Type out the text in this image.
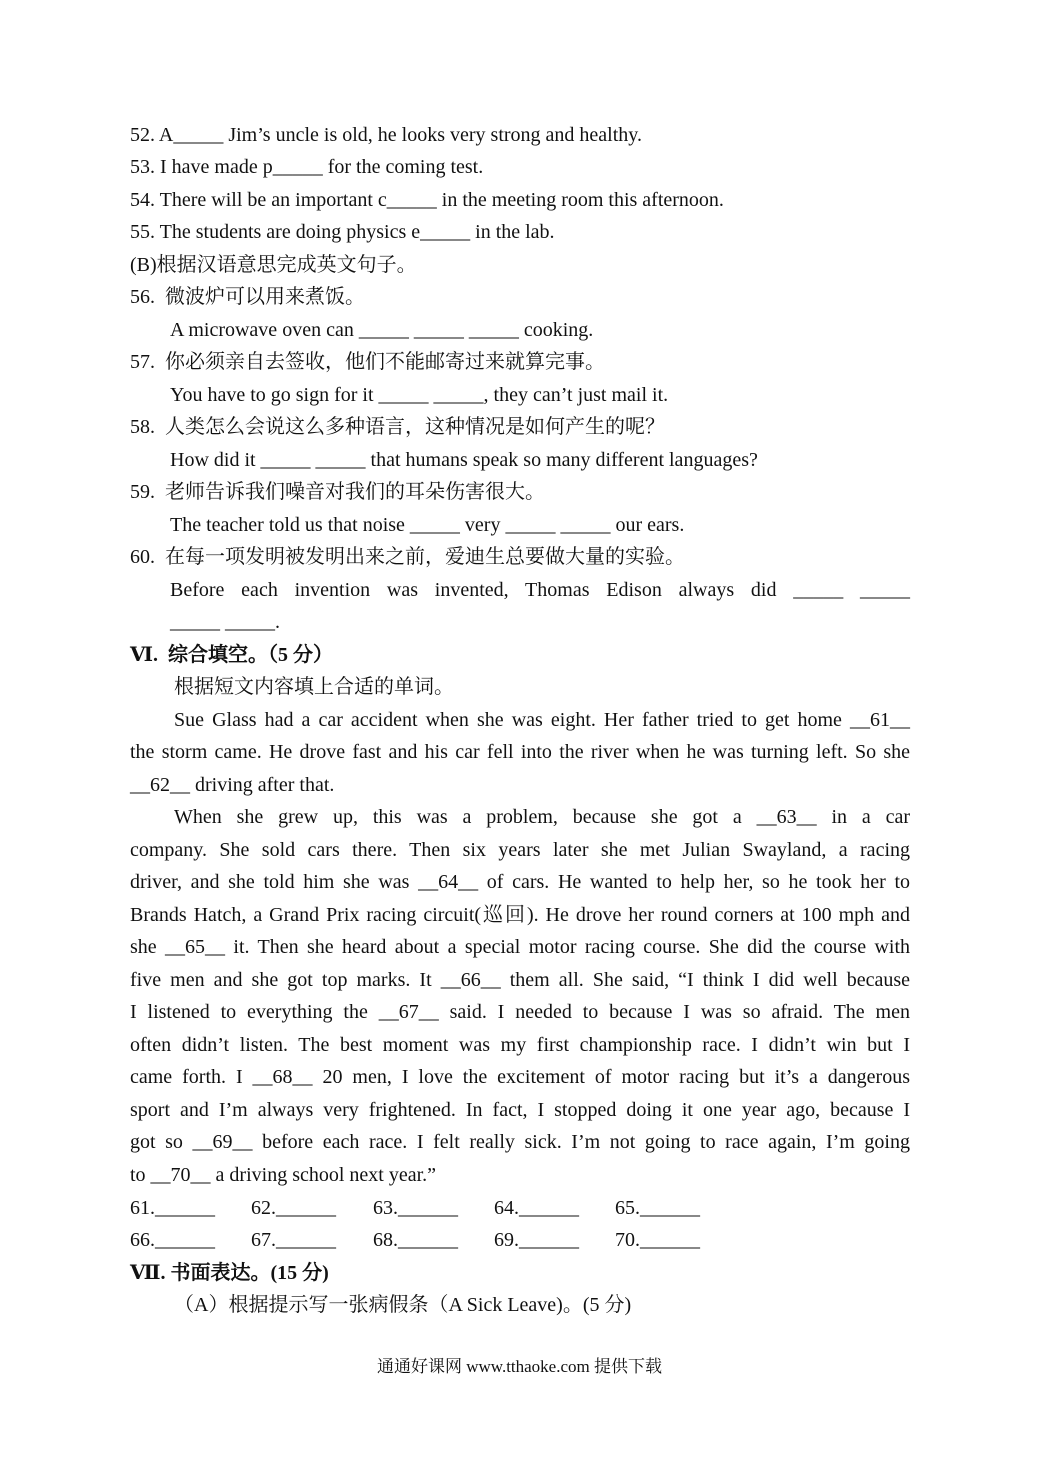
52. A_____ Jim’s uncle is old, he looks very strong and healthy.
53. I have made p_____ for the coming test.
54. There will be an important c_____ in the meeting room this afternoon.
55. The students are doing physics e_____ in the lab.
(B)根据汉语意思完成英文句子。
56.  微波炉可以用来煮饭。
A microwave oven can _____ _____ _____ cooking.
57.  你必须亲自去签收，他们不能邮寄过来就算完事。
You have to go sign for it _____ _____, they can’t just mail it.
58.  人类怎么会说这么多种语言，这种情况是如何产生的呢？
How did it _____ _____ that humans speak so many different languages?
59.  老师告诉我们噪音对我们的耳朵伤害很大。
The teacher told us that noise _____ very _____ _____ our ears.
60.  在每一项发明被发明出来之前，爱迪生总要做大量的实验。
Before each invention was invented, Thomas Edison always did _____ _____
_____ _____.
Ⅵ.  综合填空。（5 分）
根据短文内容填上合适的单词。
Sue Glass had a car accident when she was eight. Her father tried to get home __61__
the storm came. He drove fast and his car fell into the river when he was turning left. So she
__62__ driving after that.
When she grew up, this was a problem, because she got a __63__ in a car
company. She sold cars there. Then six years later she met Julian Swayland, a racing
driver, and she told him she was __64__ of cars. He wanted to help her, so he took her to
Brands Hatch, a Grand Prix racing circuit(巡回). He drove her round corners at 100 mph and
she __65__ it. Then she heard about a special motor racing course. She did the course with
five men and she got top marks. It __66__ them all. She said, “I think I did well because
I listened to everything the __67__ said. I needed to because I was so afraid. The men
often didn’t listen. The best moment was my first championship race. I didn’t win but I
came forth. I __68__ 20 men, I love the excitement of motor racing but it’s a dangerous
sport and I’m always very frightened. In fact, I stopped doing it one year ago, because I
got so __69__ before each race. I felt really sick. I’m not going to race again, I’m going
to __70__ a driving school next year.”
61.______ 62.______ 63.______ 64.______ 65.______
66.______ 67.______ 68.______ 69.______ 70.______
Ⅶ. 书面表达。(15 分)
（A）根据提示写一张病假条（A Sick Leave)。(5 分)
通通好课网 www.tthaoke.com 提供下载
